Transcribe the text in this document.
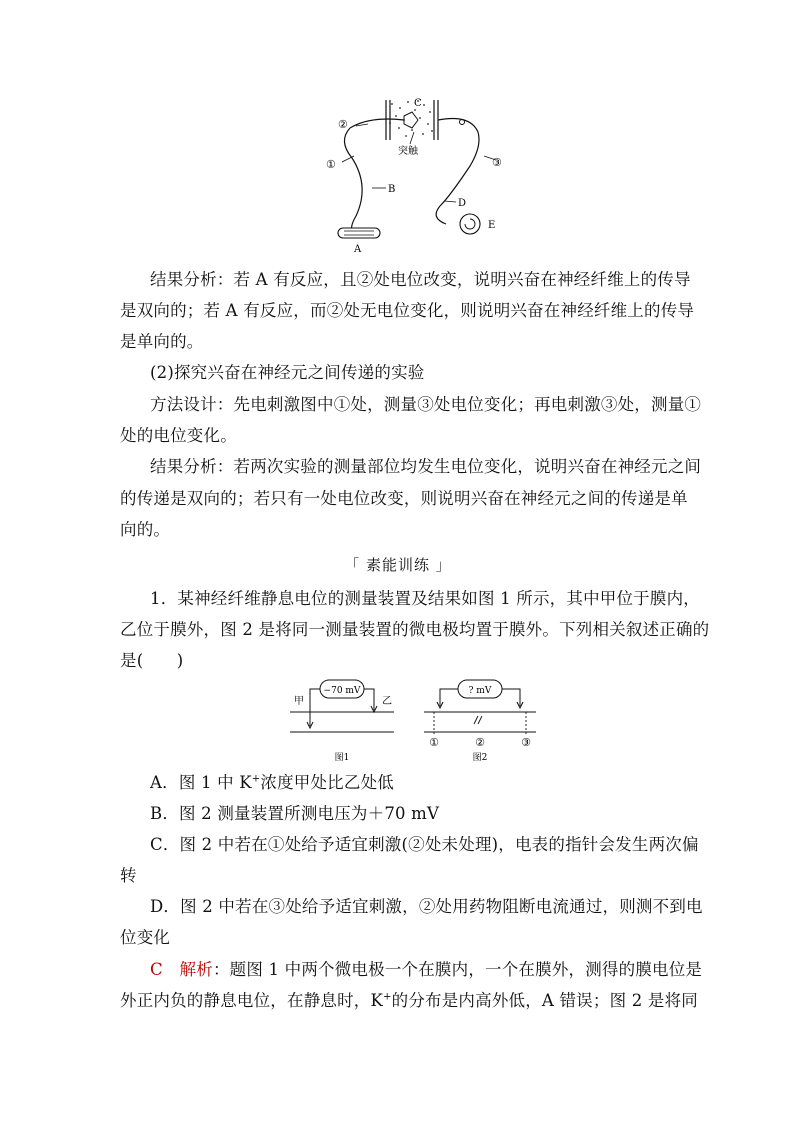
C
突触
②
①
B
③
D
E
A
结果分析：若 A 有反应，且②处电位改变，说明兴奋在神经纤维上的传导
是双向的；若 A 有反应，而②处无电位变化，则说明兴奋在神经纤维上的传导
是单向的。
(2)探究兴奋在神经元之间传递的实验
方法设计：先电刺激图中①处，测量③处电位变化；再电刺激③处，测量①
处的电位变化。
结果分析：若两次实验的测量部位均发生电位变化，说明兴奋在神经元之间
的传递是双向的；若只有一处电位改变，则说明兴奋在神经元之间的传递是单
向的。
「 素能训练 」
1．某神经纤维静息电位的测量装置及结果如图 1 所示，其中甲位于膜内，
乙位于膜外，图 2 是将同一测量装置的微电极均置于膜外。下列相关叙述正确的
是(　　)
−70 mV
甲	乙
图1
? mV
①	②	③
图2
A．图 1 中 K+浓度甲处比乙处低
B．图 2 测量装置所测电压为＋70 mV
C．图 2 中若在①处给予适宜刺激(②处未处理)，电表的指针会发生两次偏
转
D．图 2 中若在③处给予适宜刺激，②处用药物阻断电流通过，则测不到电
位变化
C　 解析：题图 1 中两个微电极一个在膜内，一个在膜外，测得的膜电位是
外正内负的静息电位，在静息时，K+的分布是内高外低，A 错误；图 2 是将同
